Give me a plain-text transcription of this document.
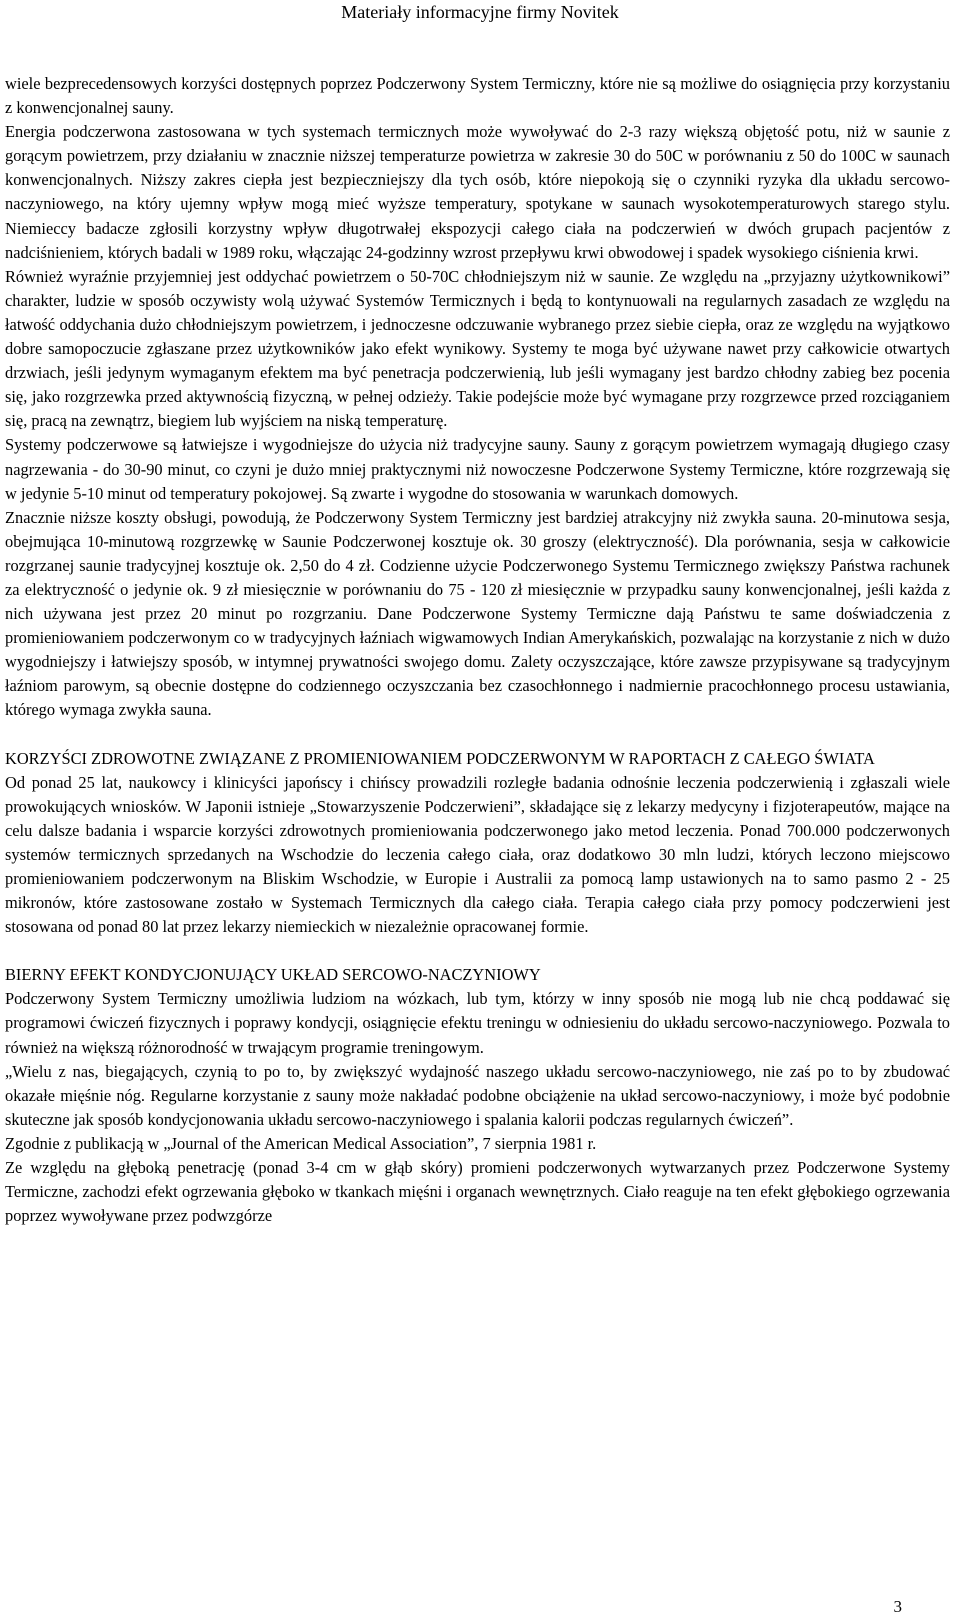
Materiały informacyjne firmy Novitek

wiele bezprecedensowych korzyści dostępnych poprzez Podczerwony System Termiczny, które nie są możliwe do osiągnięcia przy korzystaniu z konwencjonalnej sauny.

Energia podczerwona zastosowana w tych systemach termicznych może wywoływać do 2-3 razy większą objętość potu, niż w saunie z gorącym powietrzem, przy działaniu w znacznie niższej temperaturze powietrza w zakresie 30 do 50C w porównaniu z 50 do 100C w saunach konwencjonalnych. Niższy zakres ciepła jest bezpieczniejszy dla tych osób, które niepokoją się o czynniki ryzyka dla układu sercowo-naczyniowego, na który ujemny wpływ mogą mieć wyższe temperatury, spotykane w saunach wysokotemperaturowych starego stylu. Niemieccy badacze zgłosili korzystny wpływ długotrwałej ekspozycji całego ciała na podczerwień w dwóch grupach pacjentów z nadciśnieniem, których badali w 1989 roku, włączając 24-godzinny wzrost przepływu krwi obwodowej i spadek wysokiego ciśnienia krwi.

Również wyraźnie przyjemniej jest oddychać powietrzem o 50-70C chłodniejszym niż w saunie. Ze względu na „przyjazny użytkownikowi” charakter, ludzie w sposób oczywisty wolą używać Systemów Termicznych i będą to kontynuowali na regularnych zasadach ze względu na łatwość oddychania dużo chłodniejszym powietrzem, i jednoczesne odczuwanie wybranego przez siebie ciepła, oraz ze względu na wyjątkowo dobre samopoczucie zgłaszane przez użytkowników jako efekt wynikowy. Systemy te moga być używane nawet przy całkowicie otwartych drzwiach, jeśli jedynym wymaganym efektem ma być penetracja podczerwienią, lub jeśli wymagany jest bardzo chłodny zabieg bez pocenia się, jako rozgrzewka przed aktywnością fizyczną, w pełnej odzieży. Takie podejście może być wymagane przy rozgrzewce przed rozciąganiem się, pracą na zewnątrz, biegiem lub wyjściem na niską temperaturę.

Systemy podczerwowe są łatwiejsze i wygodniejsze do użycia niż tradycyjne sauny. Sauny z gorącym powietrzem wymagają długiego czasy nagrzewania - do 30-90 minut, co czyni je dużo mniej praktycznymi niż nowoczesne Podczerwone Systemy Termiczne, które rozgrzewają się w jedynie 5-10 minut od temperatury pokojowej. Są zwarte i wygodne do stosowania w warunkach domowych.

Znacznie niższe koszty obsługi, powodują, że Podczerwony System Termiczny jest bardziej atrakcyjny niż zwykła sauna. 20-minutowa sesja, obejmująca 10-minutową rozgrzewkę w Saunie Podczerwonej kosztuje ok. 30 groszy (elektryczność). Dla porównania, sesja w całkowicie rozgrzanej saunie tradycyjnej kosztuje ok. 2,50 do 4 zł. Codzienne użycie Podczerwonego Systemu Termicznego zwiększy Państwa rachunek za elektryczność o jedynie ok. 9 zł miesięcznie w porównaniu do 75 - 120 zł miesięcznie w przypadku sauny konwencjonalnej, jeśli każda z nich używana jest przez 20 minut po rozgrzaniu. Dane Podczerwone Systemy Termiczne dają Państwu te same doświadczenia z promieniowaniem podczerwonym co w tradycyjnych łaźniach wigwamowych Indian Amerykańskich, pozwalając na korzystanie z nich w dużo wygodniejszy i łatwiejszy sposób, w intymnej prywatności swojego domu. Zalety oczyszczające, które zawsze przypisywane są tradycyjnym łaźniom parowym, są obecnie dostępne do codziennego oczyszczania bez czasochłonnego i nadmiernie pracochłonnego procesu ustawiania, którego wymaga zwykła sauna.

KORZYŚCI ZDROWOTNE ZWIĄZANE Z PROMIENIOWANIEM PODCZERWONYM W RAPORTACH Z CAŁEGO ŚWIATA

Od ponad 25 lat, naukowcy i klinicyści japońscy i chińscy prowadzili rozległe badania odnośnie leczenia podczerwienią i zgłaszali wiele prowokujących wniosków. W Japonii istnieje „Stowarzyszenie Podczerwieni”, składające się z lekarzy medycyny i fizjoterapeutów, mające na celu dalsze badania i wsparcie korzyści zdrowotnych promieniowania podczerwonego jako metod leczenia. Ponad 700.000 podczerwonych systemów termicznych sprzedanych na Wschodzie do leczenia całego ciała, oraz dodatkowo 30 mln ludzi, których leczono miejscowo promieniowaniem podczerwonym na Bliskim Wschodzie, w Europie i Australii za pomocą lamp ustawionych na to samo pasmo 2 - 25 mikronów, które zastosowane zostało w Systemach Termicznych dla całego ciała. Terapia całego ciała przy pomocy podczerwieni jest stosowana od ponad 80 lat przez lekarzy niemieckich w niezależnie opracowanej formie.

BIERNY EFEKT KONDYCJONUJĄCY UKŁAD SERCOWO-NACZYNIOWY

Podczerwony System Termiczny umożliwia ludziom na wózkach, lub tym, którzy w inny sposób nie mogą lub nie chcą poddawać się programowi ćwiczeń fizycznych i poprawy kondycji, osiągnięcie efektu treningu w odniesieniu do układu sercowo-naczyniowego. Pozwala to również na większą różnorodność w trwającym programie treningowym.

„Wielu z nas, biegających, czynią to po to, by zwiększyć wydajność naszego układu sercowo-naczyniowego, nie zaś po to by zbudować okazałe mięśnie nóg. Regularne korzystanie z sauny może nakładać podobne obciążenie na układ sercowo-naczyniowy, i może być podobnie skuteczne jak sposób kondycjonowania układu sercowo-naczyniowego i spalania kalorii podczas regularnych ćwiczeń”.

Zgodnie z publikacją w „Journal of the American Medical Association”, 7 sierpnia 1981 r.

Ze względu na głęboką penetrację (ponad 3-4 cm w głąb skóry) promieni podczerwonych wytwarzanych przez Podczerwone Systemy Termiczne, zachodzi efekt ogrzewania głęboko w tkankach mięśni i organach wewnętrznych. Ciało reaguje na ten efekt głębokiego ogrzewania poprzez wywoływane przez podwzgórze

3
